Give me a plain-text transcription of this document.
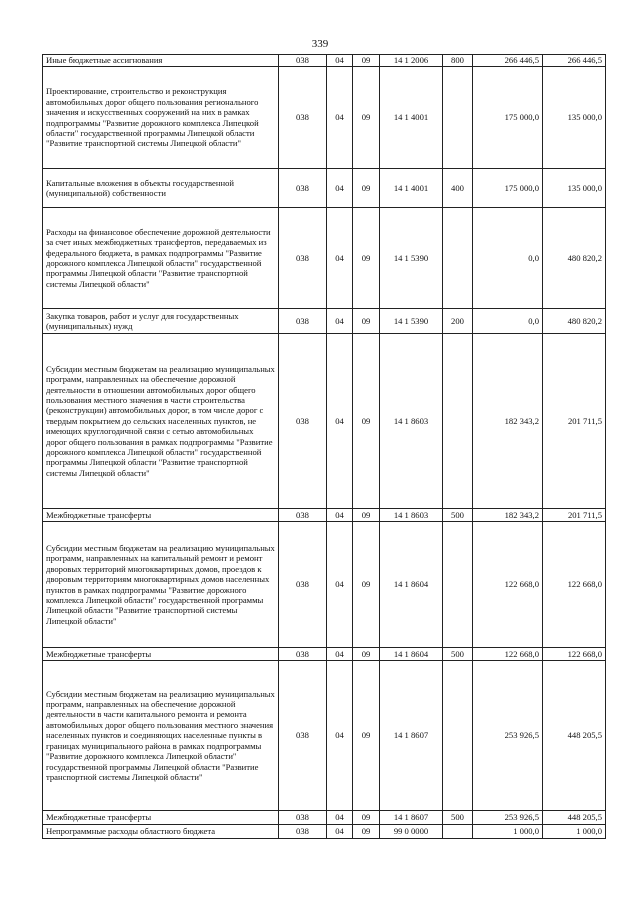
339
Иные бюджетные ассигнования	038	04	09	14 1 2006	800	266 446,5	266 446,5
Проектирование, строительство и реконструкция автомобильных дорог общего пользования регионального значения и искусственных сооружений на них в рамках подпрограммы "Развитие дорожного комплекса Липецкой области" государственной программы Липецкой области "Развитие транспортной системы Липецкой области"	038	04	09	14 1 4001		175 000,0	135 000,0
Капитальные вложения в объекты государственной (муниципальной) собственности	038	04	09	14 1 4001	400	175 000,0	135 000,0
Расходы на финансовое обеспечение дорожной деятельности за счет иных межбюджетных трансфертов, передаваемых из федерального бюджета, в рамках подпрограммы "Развитие дорожного комплекса Липецкой области" государственной программы Липецкой области "Развитие транспортной системы Липецкой области"	038	04	09	14 1 5390		0,0	480 820,2
Закупка товаров, работ и услуг для государственных (муниципальных) нужд	038	04	09	14 1 5390	200	0,0	480 820,2
Субсидии местным бюджетам на реализацию муниципальных программ, направленных на обеспечение дорожной деятельности в отношении автомобильных дорог общего пользования местного значения в части строительства (реконструкции) автомобильных дорог, в том числе дорог с твердым покрытием до сельских населенных пунктов, не имеющих круглогодичной связи с сетью автомобильных дорог общего пользования в рамках подпрограммы "Развитие дорожного комплекса Липецкой области" государственной программы Липецкой области "Развитие транспортной системы Липецкой области"	038	04	09	14 1 8603		182 343,2	201 711,5
Межбюджетные трансферты	038	04	09	14 1 8603	500	182 343,2	201 711,5
Субсидии местным бюджетам на реализацию муниципальных программ, направленных на капитальный ремонт и ремонт дворовых территорий многоквартирных домов, проездов к дворовым территориям многоквартирных домов населенных пунктов в рамках подпрограммы "Развитие дорожного комплекса Липецкой области" государственной программы Липецкой области "Развитие транспортной системы Липецкой области"	038	04	09	14 1 8604		122 668,0	122 668,0
Межбюджетные трансферты	038	04	09	14 1 8604	500	122 668,0	122 668,0
Субсидии местным бюджетам на реализацию муниципальных программ, направленных на обеспечение дорожной деятельности в части капитального ремонта и ремонта автомобильных дорог общего пользования местного значения населенных пунктов и соединяющих населенные пункты в границах муниципального района в рамках подпрограммы "Развитие дорожного комплекса Липецкой области" государственной программы Липецкой области "Развитие транспортной системы Липецкой области"	038	04	09	14 1 8607		253 926,5	448 205,5
Межбюджетные трансферты	038	04	09	14 1 8607	500	253 926,5	448 205,5
Непрограммные расходы областного бюджета	038	04	09	99 0 0000		1 000,0	1 000,0
